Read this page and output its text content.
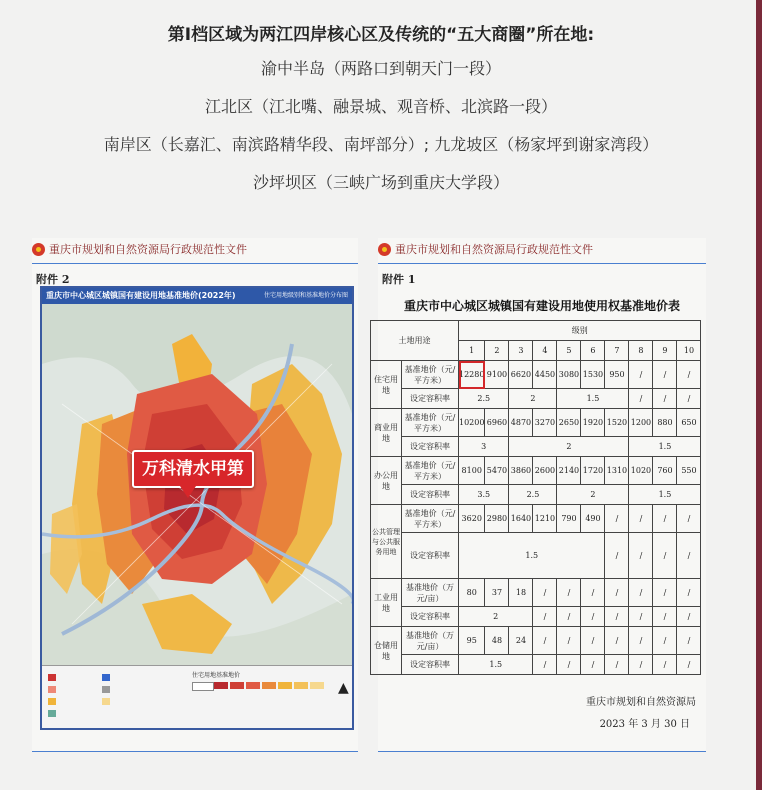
第Ⅰ档区域为两江四岸核心区及传统的“五大商圈”所在地:
渝中半岛（两路口到朝天门一段）
江北区（江北嘴、融景城、观音桥、北滨路一段）
南岸区（长嘉汇、南滨路精华段、南坪部分）; 九龙坡区（杨家坪到谢家湾段）
沙坪坝区（三峡广场到重庆大学段）
重庆市规划和自然资源局行政规范性文件
附件 2
重庆市中心城区城镇国有建设用地基准地价(2022年)	住宅用地级别和基准地价分布图
万科清水甲第
住宅用地基准地价
▲
重庆市规划和自然资源局行政规范性文件
附件 1
重庆市中心城区城镇国有建设用地使用权基准地价表
土地用途		级别									
		1	2	3	4	5	6	7	8	9	10
住宅用地	基准地价（元/平方米）	12280	9100	6620	4450	3080	1530	950	/	/	/
	设定容积率	2.5		2		1.5			/	/	/
商业用地	基准地价（元/平方米）	10200	6960	4870	3270	2650	1920	1520	1200	880	650
	设定容积率	3		2					1.5		
办公用地	基准地价（元/平方米）	8100	5470	3860	2600	2140	1720	1310	1020	760	550
	设定容积率	3.5		2.5		2			1.5		
公共管理与公共服务用地	基准地价（元/平方米）	3620	2980	1640	1210	790	490	/	/	/	/
	设定容积率	1.5						/	/	/	/
工业用地	基准地价（万元/亩）	80	37	18	/	/	/	/	/	/	/
	设定容积率	2			/	/	/	/	/	/	/
仓储用地	基准地价（万元/亩）	95	48	24	/	/	/	/	/	/	/
	设定容积率	1.5			/	/	/	/	/	/	/
重庆市规划和自然资源局
2023 年 3 月 30 日
